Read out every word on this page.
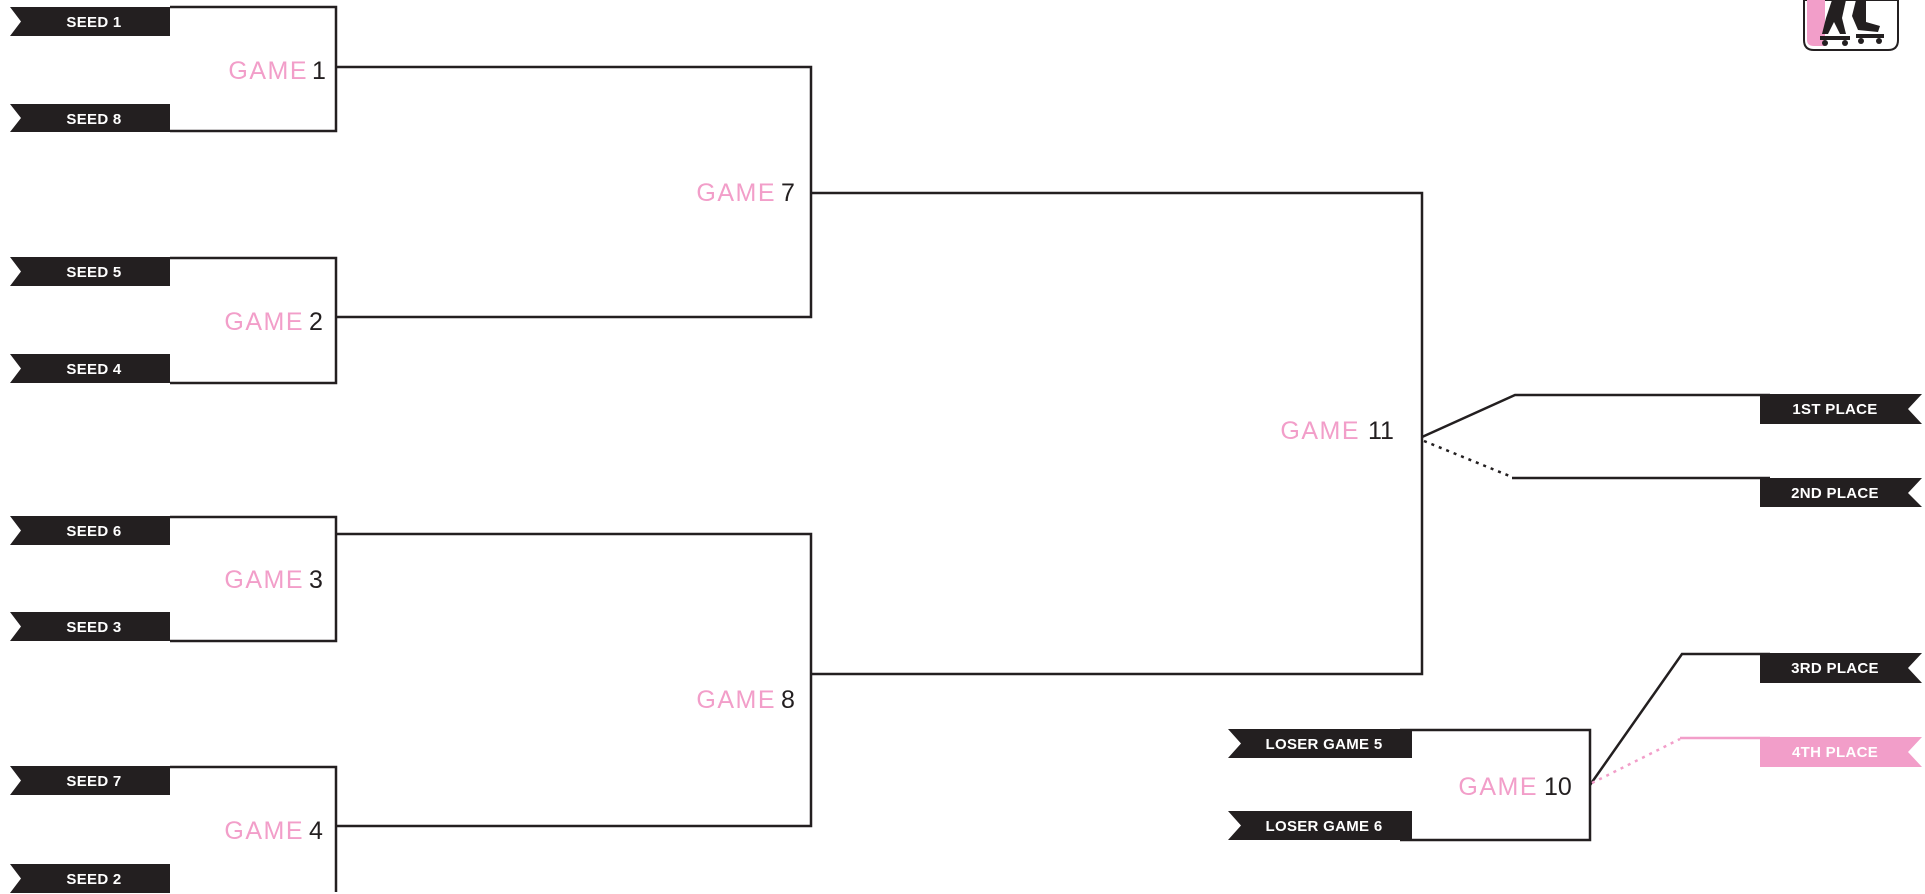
SEED 1
SEED 8
SEED 5
SEED 4
SEED 6
SEED 3
SEED 7
SEED 2
LOSER GAME 5
LOSER GAME 6
1ST PLACE
2ND PLACE
3RD PLACE
4TH PLACE
GAME 1
GAME 2
GAME 3
GAME 4
GAME 7
GAME 8
GAME 10
GAME 11
